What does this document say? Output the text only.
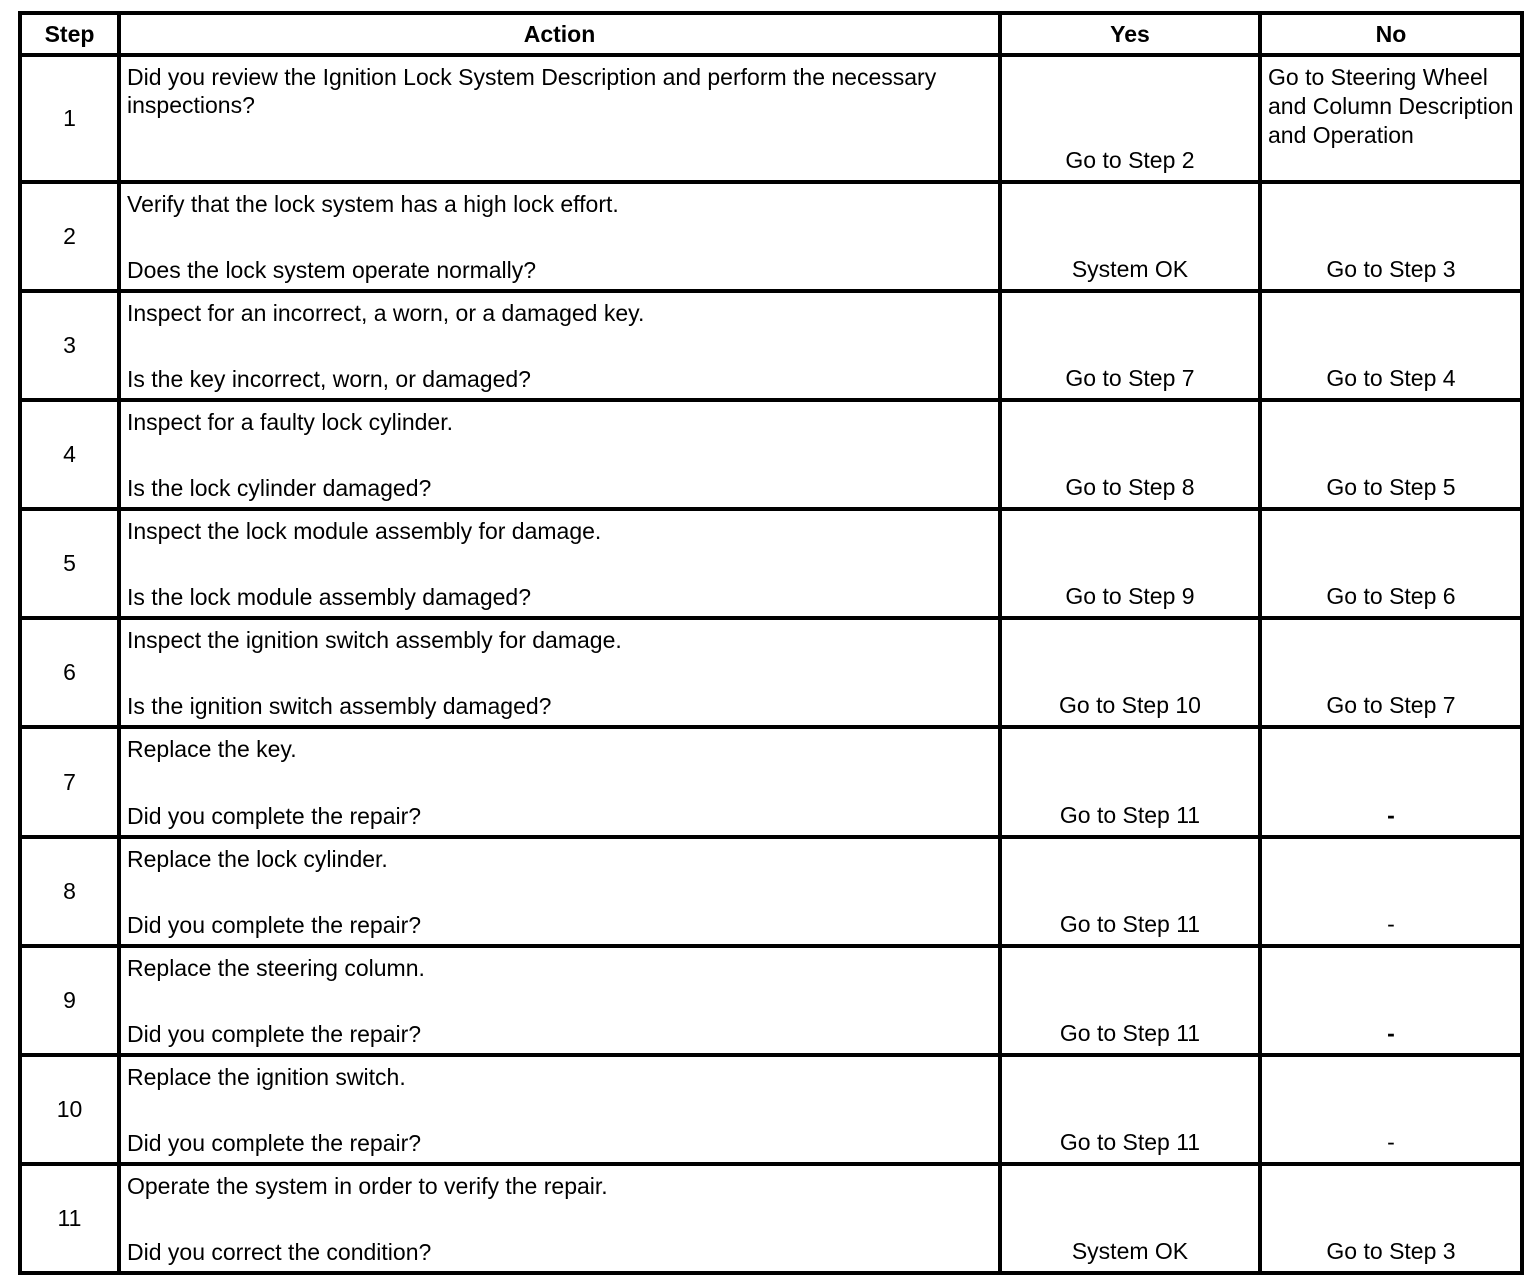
Step	Action	Yes	No
1	Did you review the Ignition Lock System Description and perform the necessary inspections?	Go to Step 2	Go to Steering Wheel and Column Description and Operation
2	Verify that the lock system has a high lock effort.
Does the lock system operate normally?	System OK	Go to Step 3
3	Inspect for an incorrect, a worn, or a damaged key.
Is the key incorrect, worn, or damaged?	Go to Step 7	Go to Step 4
4	Inspect for a faulty lock cylinder.
Is the lock cylinder damaged?	Go to Step 8	Go to Step 5
5	Inspect the lock module assembly for damage.
Is the lock module assembly damaged?	Go to Step 9	Go to Step 6
6	Inspect the ignition switch assembly for damage.
Is the ignition switch assembly damaged?	Go to Step 10	Go to Step 7
7	Replace the key.
Did you complete the repair?	Go to Step 11	-
8	Replace the lock cylinder.
Did you complete the repair?	Go to Step 11	-
9	Replace the steering column.
Did you complete the repair?	Go to Step 11	-
10	Replace the ignition switch.
Did you complete the repair?	Go to Step 11	-
11	Operate the system in order to verify the repair.
Did you correct the condition?	System OK	Go to Step 3
